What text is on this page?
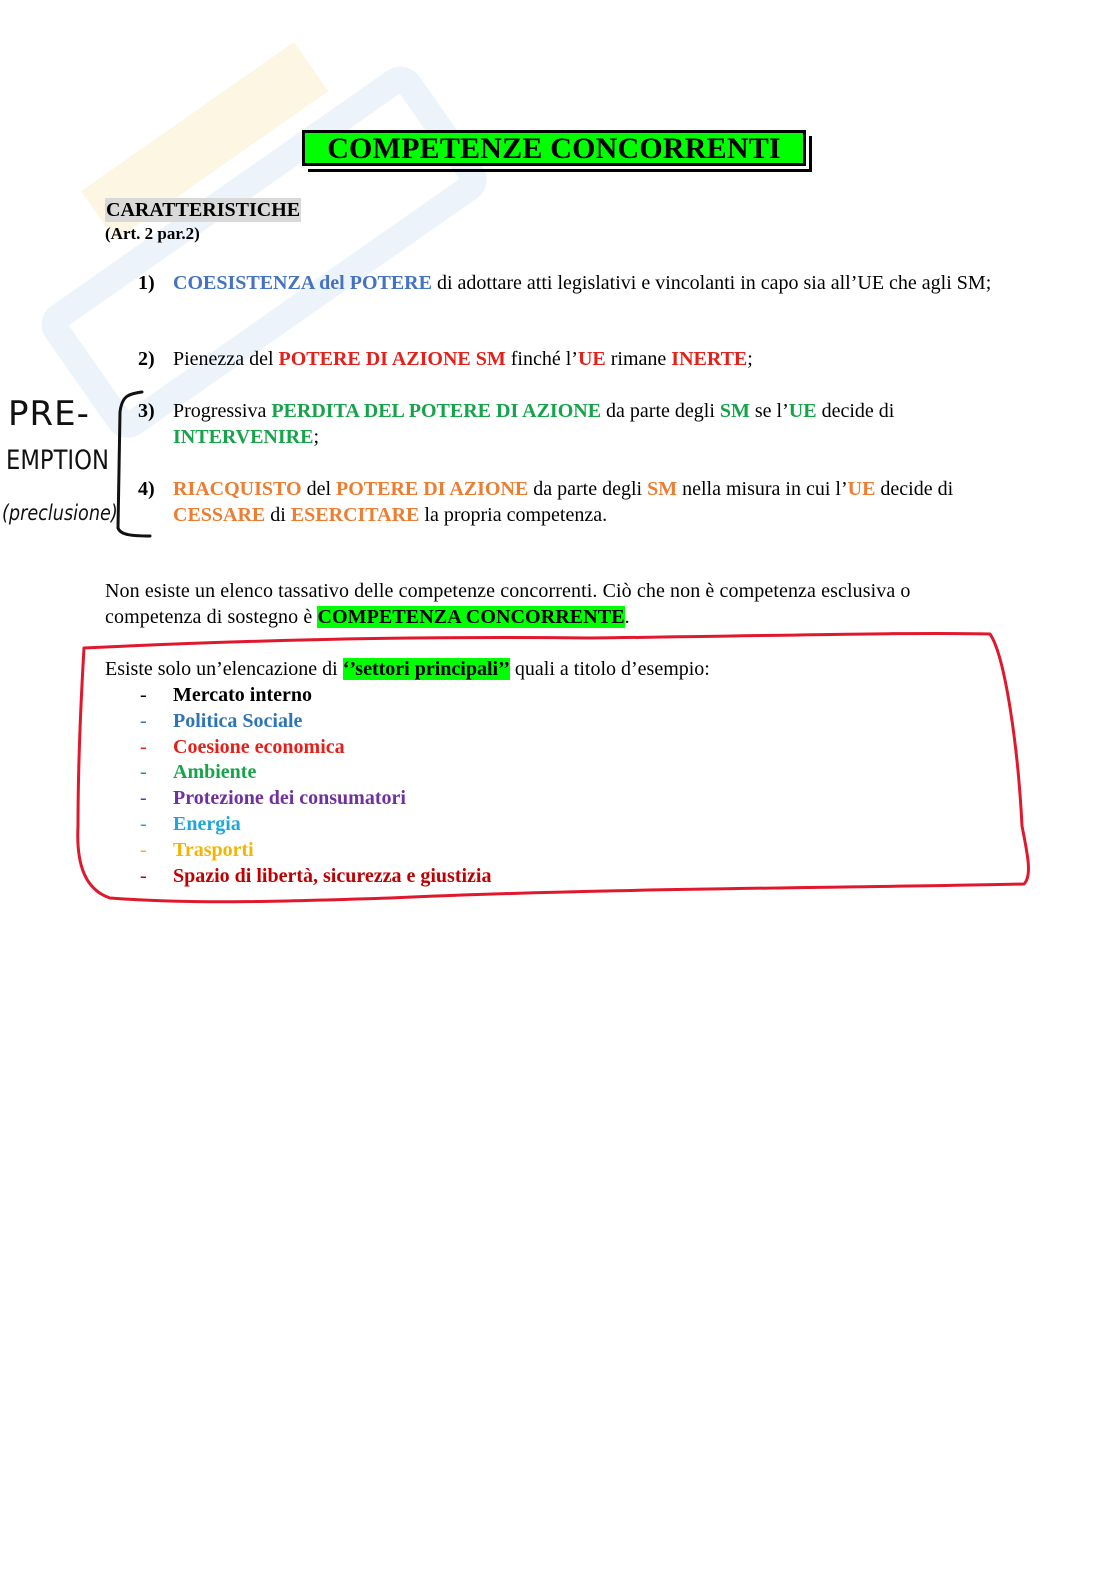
COMPETENZE CONCORRENTI
CARATTERISTICHE
(Art. 2 par.2)
1) COESISTENZA del POTERE di adottare atti legislativi e vincolanti in capo sia all’UE che agli SM;
2) Pienezza del POTERE DI AZIONE SM finché l’UE rimane INERTE;
3) Progressiva PERDITA DEL POTERE DI AZIONE da parte degli SM se l’UE decide di INTERVENIRE;
4) RIACQUISTO del POTERE DI AZIONE da parte degli SM nella misura in cui l’UE decide di CESSARE di ESERCITARE la propria competenza.
PRE-
EMPTION
(preclusione)
Non esiste un elenco tassativo delle competenze concorrenti. Ciò che non è competenza esclusiva o competenza di sostegno è COMPETENZA CONCORRENTE.
Esiste solo un’elencazione di ‘’settori principali’’ quali a titolo d’esempio:
- Mercato interno
- Politica Sociale
- Coesione economica
- Ambiente
- Protezione dei consumatori
- Energia
- Trasporti
- Spazio di libertà, sicurezza e giustizia
